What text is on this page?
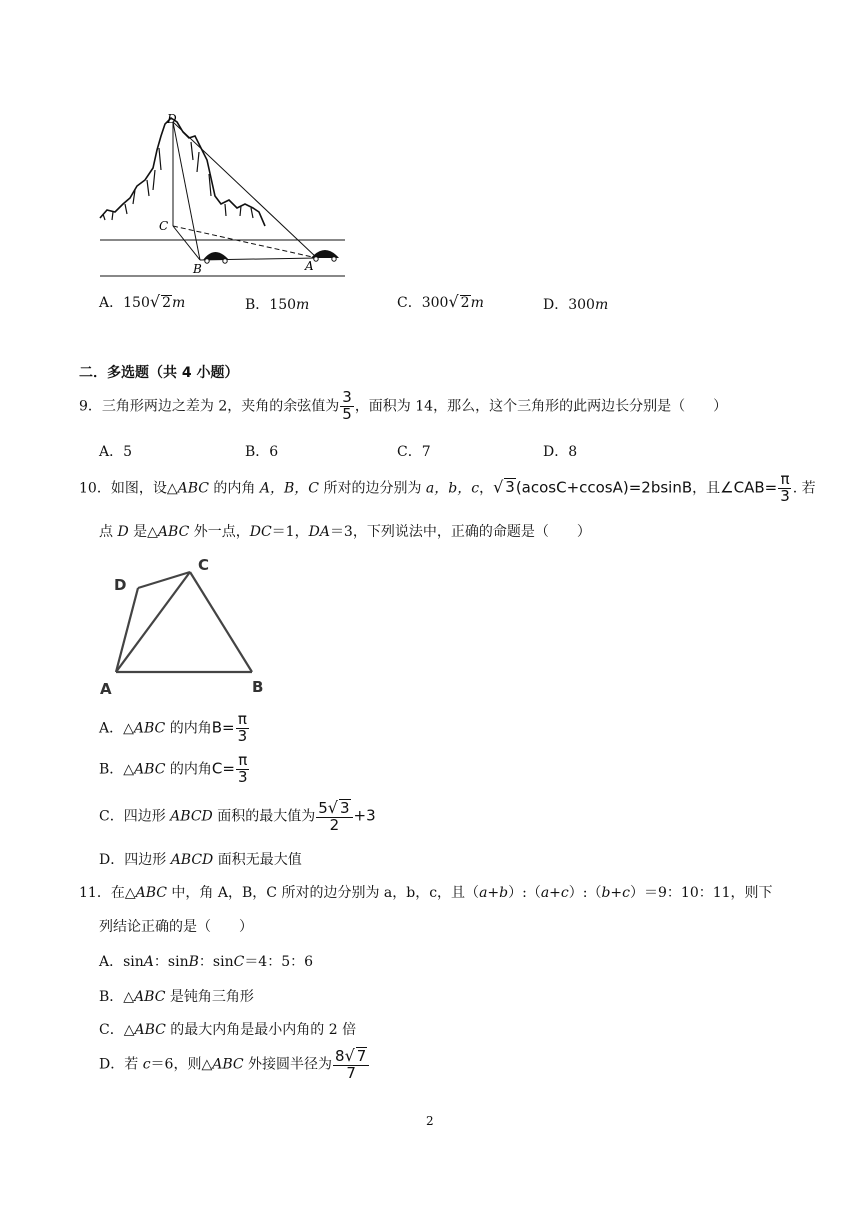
D
C
B	A
A．150√ 2m	B．150m	C．300√ 2m	D．300m
二．多选题（共 4 小题）
9．三角形两边之差为 2，夹角的余弦值为 $\frac{3}{5}$ ，面积为 14，那么，这个三角形的此两边长分别是（　　）
A．5	B．6	C．7	D．8
10．如图，设△ABC 的内角 A，B，C 所对的边分别为 a，b，c，√ 3(acosC+ccosA)=2bsinB，且∠CAB= $\frac{\pi}{3}$ . 若
点 D 是△ABC 外一点，DC＝1，DA＝3，下列说法中，正确的命题是（　　）
D
C
A	B
A．△ABC 的内角$B= \frac{\pi}{3}$
B．△ABC 的内角$C= \frac{\pi}{3}$
C．四边形 ABCD 面积的最大值为 $\frac{5√ 3}{2} +3$
D．四边形 ABCD 面积无最大值
11．在△ABC 中，角 A，B，C 所对的边分别为 a，b，c，且（a+b）:（a+c）:（b+c）＝9：10：11，则下
列结论正确的是（　　）
A．sinA：sinB：sinC＝4：5：6
B．△ABC 是钝角三角形
C．△ABC 的最大内角是最小内角的 2 倍
D．若 c＝6，则△ABC 外接圆半径为 $\frac{8√ 7}{7}$
2
